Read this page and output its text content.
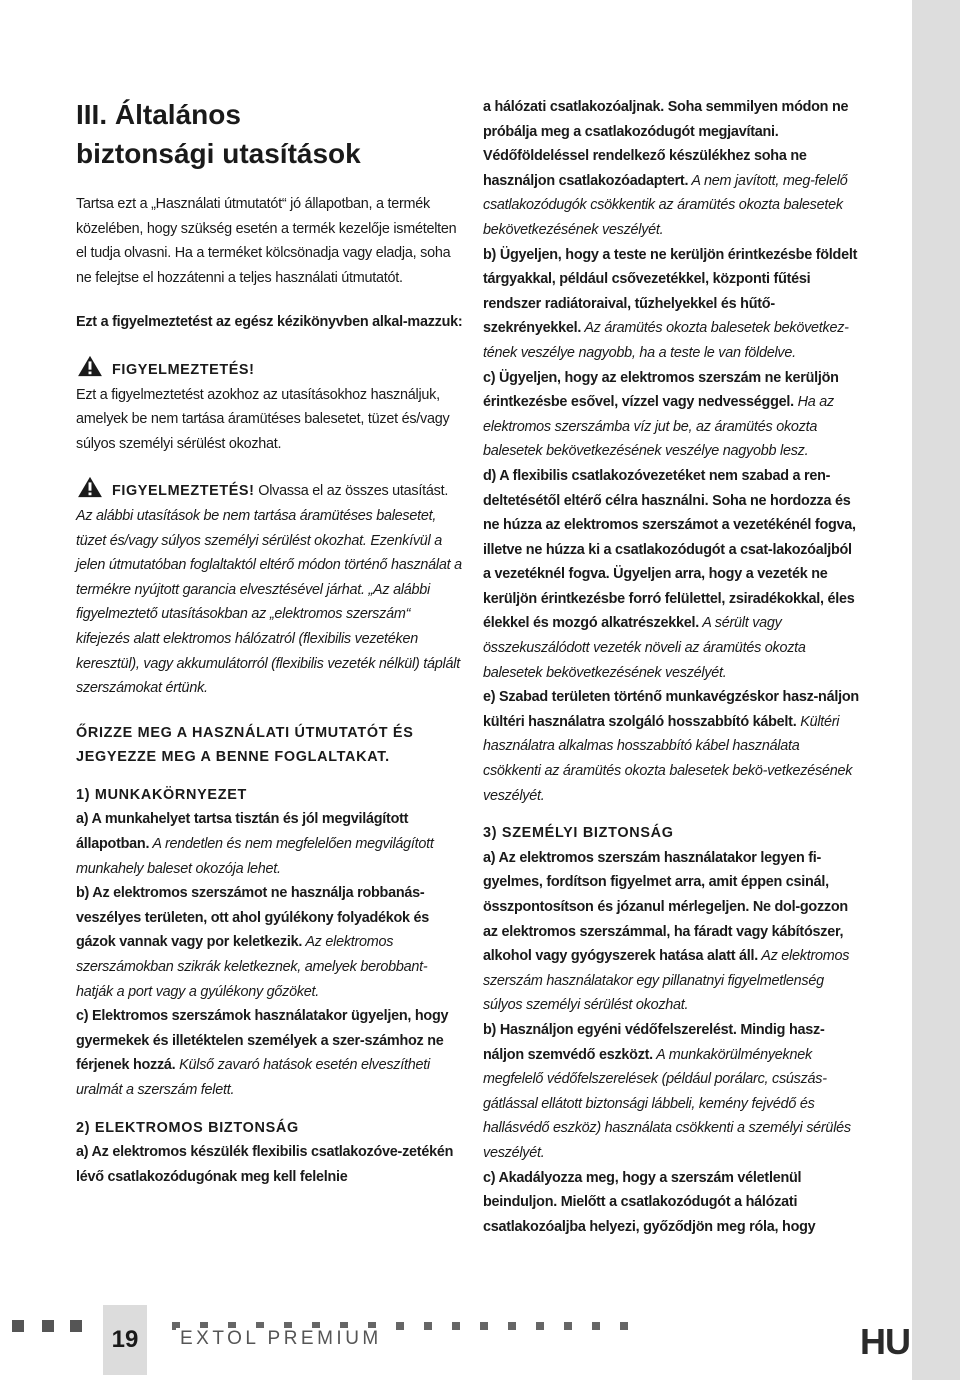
III. Általános
biztonsági utasítások

Tartsa ezt a „Használati útmutatót“ jó állapotban, a termék közelében, hogy szükség esetén a termék kezelője ismételten el tudja olvasni. Ha a terméket kölcsönadja vagy eladja, soha ne felejtse el hozzátenni a teljes használati útmutatót.

Ezt a figyelmeztetést az egész kézikönyvben alkal-mazzuk:

FIGYELMEZTETÉS!

Ezt a figyelmeztetést azokhoz az utasításokhoz használjuk, amelyek be nem tartása áramütéses balesetet, tüzet és/vagy súlyos személyi sérülést okozhat.

FIGYELMEZTETÉS! Olvassa el az összes utasítást. Az alábbi utasítások be nem tartása áramütéses balesetet, tüzet és/vagy súlyos személyi sérülést okozhat. Ezenkívül a jelen útmutatóban foglaltaktól eltérő módon történő használat a termékre nyújtott garancia elvesztésével járhat. „Az alábbi figyelmeztető utasításokban az „elektromos szerszám“ kifejezés alatt elektromos hálózatról (flexibilis vezetéken keresztül), vagy akkumulátorról (flexibilis vezeték nélkül) táplált szerszámokat értünk.

ŐRIZZE MEG A HASZNÁLATI ÚTMUTATÓT ÉS JEGYEZZE MEG A BENNE FOGLALTAKAT.

1) MUNKAKÖRNYEZET

a) A munkahelyet tartsa tisztán és jól megvilágított állapotban. A rendetlen és nem megfelelően megvilágított munkahely baleset okozója lehet.

b) Az elektromos szerszámot ne használja robbanás-veszélyes területen, ott ahol gyúlékony folyadékok és gázok vannak vagy por keletkezik. Az elektromos szerszámokban szikrák keletkeznek, amelyek berobbant-hatják a port vagy a gyúlékony gőzöket.

c) Elektromos szerszámok használatakor ügyeljen, hogy gyermekek és illetéktelen személyek a szer-számhoz ne férjenek hozzá. Külső zavaró hatások esetén elveszítheti uralmát a szerszám felett.

2) ELEKTROMOS BIZTONSÁG

a) Az elektromos készülék flexibilis csatlakozóve-zetékén lévő csatlakozódugónak meg kell felelnie

a hálózati csatlakozóaljnak. Soha semmilyen módon ne próbálja meg a csatlakozódugót megjavítani. Védőföldeléssel rendelkező készülékhez soha ne használjon csatlakozóadaptert. A nem javított, meg-felelő csatlakozódugók csökkentik az áramütés okozta balesetek bekövetkezésének veszélyét.

b) Ügyeljen, hogy a teste ne kerüljön érintkezésbe földelt tárgyakkal, például csővezetékkel, központi fűtési rendszer radiátoraival, tűzhelyekkel és hűtő-szekrényekkel. Az áramütés okozta balesetek bekövetkez-tének veszélye nagyobb, ha a teste le van földelve.

c) Ügyeljen, hogy az elektromos szerszám ne kerüljön érintkezésbe esővel, vízzel vagy nedvességgel. Ha az elektromos szerszámba víz jut be, az áramütés okozta balesetek bekövetkezésének veszélye nagyobb lesz.

d) A flexibilis csatlakozóvezetéket nem szabad a ren-deltetésétől eltérő célra használni. Soha ne hordozza és ne húzza az elektromos szerszámot a vezetékénél fogva, illetve ne húzza ki a csatlakozódugót a csat-lakozóaljból a vezetéknél fogva. Ügyeljen arra, hogy a vezeték ne kerüljön érintkezésbe forró felülettel, zsiradékokkal, éles élekkel és mozgó alkatrészekkel. A sérült vagy összekuszálódott vezeték növeli az áramütés okozta balesetek bekövetkezésének veszélyét.

e) Szabad területen történő munkavégzéskor hasz-náljon kültéri használatra szolgáló hosszabbító kábelt. Kültéri használatra alkalmas hosszabbító kábel használata csökkenti az áramütés okozta balesetek bekö-vetkezésének veszélyét.

3) SZEMÉLYI BIZTONSÁG

a) Az elektromos szerszám használatakor legyen fi-gyelmes, fordítson figyelmet arra, amit éppen csinál, összpontosítson és józanul mérlegeljen. Ne dol-gozzon az elektromos szerszámmal, ha fáradt vagy kábítószer, alkohol vagy gyógyszerek hatása alatt áll. Az elektromos szerszám használatakor egy pillanatnyi figyelmetlenség súlyos személyi sérülést okozhat.

b) Használjon egyéni védőfelszerelést. Mindig hasz-náljon szemvédő eszközt. A munkakörülményeknek megfelelő védőfelszerelések (például porálarc, csúszás-gátlással ellátott biztonsági lábbeli, kemény fejvédő és hallásvédő eszköz) használata csökkenti a személyi sérülés veszélyét.

c) Akadályozza meg, hogy a szerszám véletlenül beinduljon. Mielőtt a csatlakozódugót a hálózati csatlakozóaljba helyezi, győződjön meg róla, hogy

19	EXTOL PREMIUM	HU
